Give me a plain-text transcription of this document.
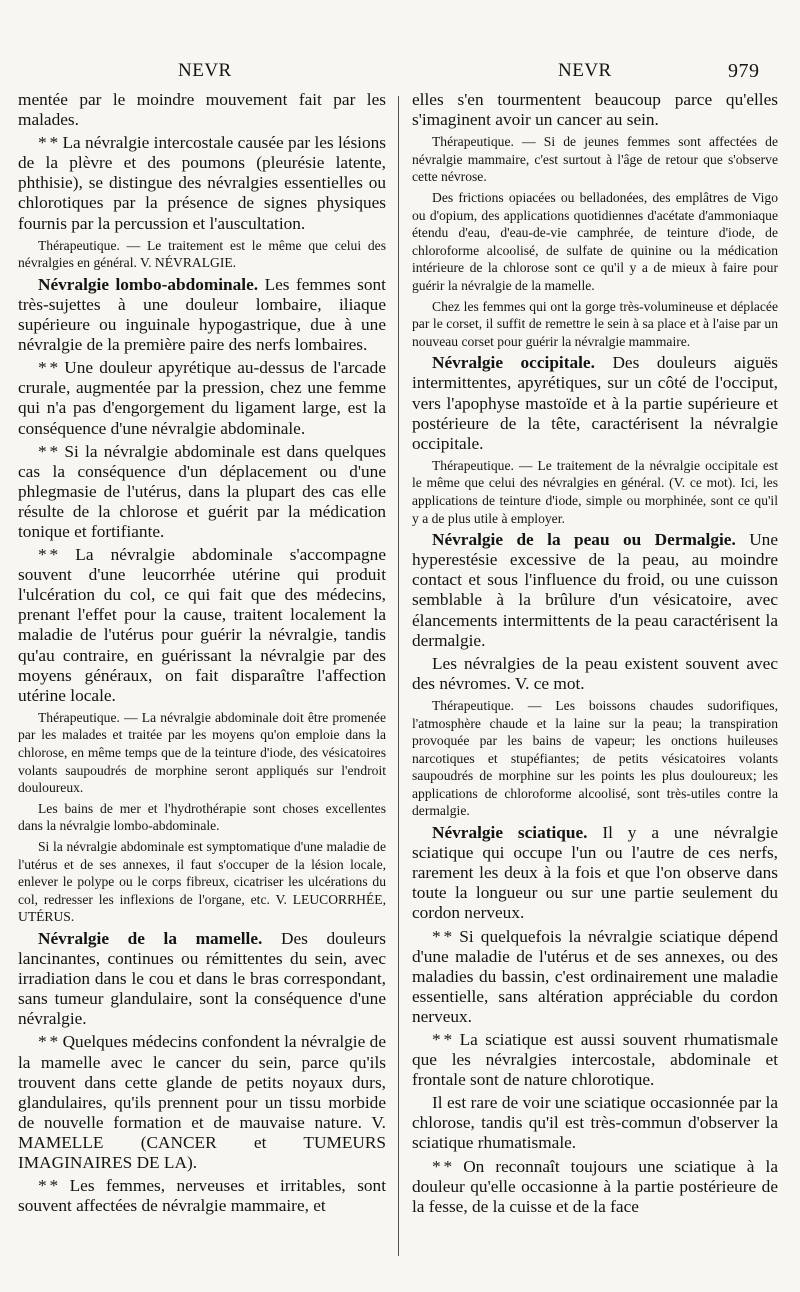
NEVR	NEVR	979

mentée par le moindre mouvement fait par les malades.

* * La névralgie intercostale causée par les lésions de la plèvre et des poumons (pleurésie latente, phthisie), se distingue des névralgies essentielles ou chlorotiques par la présence de signes physiques fournis par la percussion et l'auscultation.

Thérapeutique. — Le traitement est le même que celui des névralgies en général. V. NÉVRALGIE.

Névralgie lombo-abdominale. Les femmes sont très-sujettes à une douleur lombaire, iliaque supérieure ou inguinale hypogastrique, due à une névralgie de la première paire des nerfs lombaires.

* * Une douleur apyrétique au-dessus de l'arcade crurale, augmentée par la pression, chez une femme qui n'a pas d'engorgement du ligament large, est la conséquence d'une névralgie abdominale.

* * Si la névralgie abdominale est dans quelques cas la conséquence d'un déplacement ou d'une phlegmasie de l'utérus, dans la plupart des cas elle résulte de la chlorose et guérit par la médication tonique et fortifiante.

* * La névralgie abdominale s'accompagne souvent d'une leucorrhée utérine qui produit l'ulcération du col, ce qui fait que des médecins, prenant l'effet pour la cause, traitent localement la maladie de l'utérus pour guérir la névralgie, tandis qu'au contraire, en guérissant la névralgie par des moyens généraux, on fait disparaître l'affection utérine locale.

Thérapeutique. — La névralgie abdominale doit être promenée par les malades et traitée par les moyens qu'on emploie dans la chlorose, en même temps que de la teinture d'iode, des vésicatoires volants saupoudrés de morphine seront appliqués sur l'endroit douloureux.

Les bains de mer et l'hydrothérapie sont choses excellentes dans la névralgie lombo-abdominale.

Si la névralgie abdominale est symptomatique d'une maladie de l'utérus et de ses annexes, il faut s'occuper de la lésion locale, enlever le polype ou le corps fibreux, cicatriser les ulcérations du col, redresser les inflexions de l'organe, etc. V. LEUCORRHÉE, UTÉRUS.

Névralgie de la mamelle. Des douleurs lancinantes, continues ou rémittentes du sein, avec irradiation dans le cou et dans le bras correspondant, sans tumeur glandulaire, sont la conséquence d'une névralgie.

* * Quelques médecins confondent la névralgie de la mamelle avec le cancer du sein, parce qu'ils trouvent dans cette glande de petits noyaux durs, glandulaires, qu'ils prennent pour un tissu morbide de nouvelle formation et de mauvaise nature. V. MAMELLE (CANCER et TUMEURS IMAGINAIRES DE LA).

* * Les femmes, nerveuses et irritables, sont souvent affectées de névralgie mammaire, et

elles s'en tourmentent beaucoup parce qu'elles s'imaginent avoir un cancer au sein.

Thérapeutique. — Si de jeunes femmes sont affectées de névralgie mammaire, c'est surtout à l'âge de retour que s'observe cette névrose.

Des frictions opiacées ou belladonées, des emplâtres de Vigo ou d'opium, des applications quotidiennes d'acétate d'ammoniaque étendu d'eau, d'eau-de-vie camphrée, de teinture d'iode, de chloroforme alcoolisé, de sulfate de quinine ou la médication intérieure de la chlorose sont ce qu'il y a de mieux à faire pour guérir la névralgie de la mamelle.

Chez les femmes qui ont la gorge très-volumineuse et déplacée par le corset, il suffit de remettre le sein à sa place et à l'aise par un nouveau corset pour guérir la névralgie mammaire.

Névralgie occipitale. Des douleurs aiguës intermittentes, apyrétiques, sur un côté de l'occiput, vers l'apophyse mastoïde et à la partie supérieure et postérieure de la tête, caractérisent la névralgie occipitale.

Thérapeutique. — Le traitement de la névralgie occipitale est le même que celui des névralgies en général. (V. ce mot). Ici, les applications de teinture d'iode, simple ou morphinée, sont ce qu'il y a de plus utile à employer.

Névralgie de la peau ou Dermalgie. Une hyperestésie excessive de la peau, au moindre contact et sous l'influence du froid, ou une cuisson semblable à la brûlure d'un vésicatoire, avec élancements intermittents de la peau caractérisent la dermalgie.

Les névralgies de la peau existent souvent avec des névromes. V. ce mot.

Thérapeutique. — Les boissons chaudes sudorifiques, l'atmosphère chaude et la laine sur la peau; la transpiration provoquée par les bains de vapeur; les onctions huileuses narcotiques et stupéfiantes; de petits vésicatoires volants saupoudrés de morphine sur les points les plus douloureux; les applications de chloroforme alcoolisé, sont très-utiles contre la dermalgie.

Névralgie sciatique. Il y a une névralgie sciatique qui occupe l'un ou l'autre de ces nerfs, rarement les deux à la fois et que l'on observe dans toute la longueur ou sur une partie seulement du cordon nerveux.

* * Si quelquefois la névralgie sciatique dépend d'une maladie de l'utérus et de ses annexes, ou des maladies du bassin, c'est ordinairement une maladie essentielle, sans altération appréciable du cordon nerveux.

* * La sciatique est aussi souvent rhumatismale que les névralgies intercostale, abdominale et frontale sont de nature chlorotique.

Il est rare de voir une sciatique occasionnée par la chlorose, tandis qu'il est très-commun d'observer la sciatique rhumatismale.

* * On reconnaît toujours une sciatique à la douleur qu'elle occasionne à la partie postérieure de la fesse, de la cuisse et de la face
